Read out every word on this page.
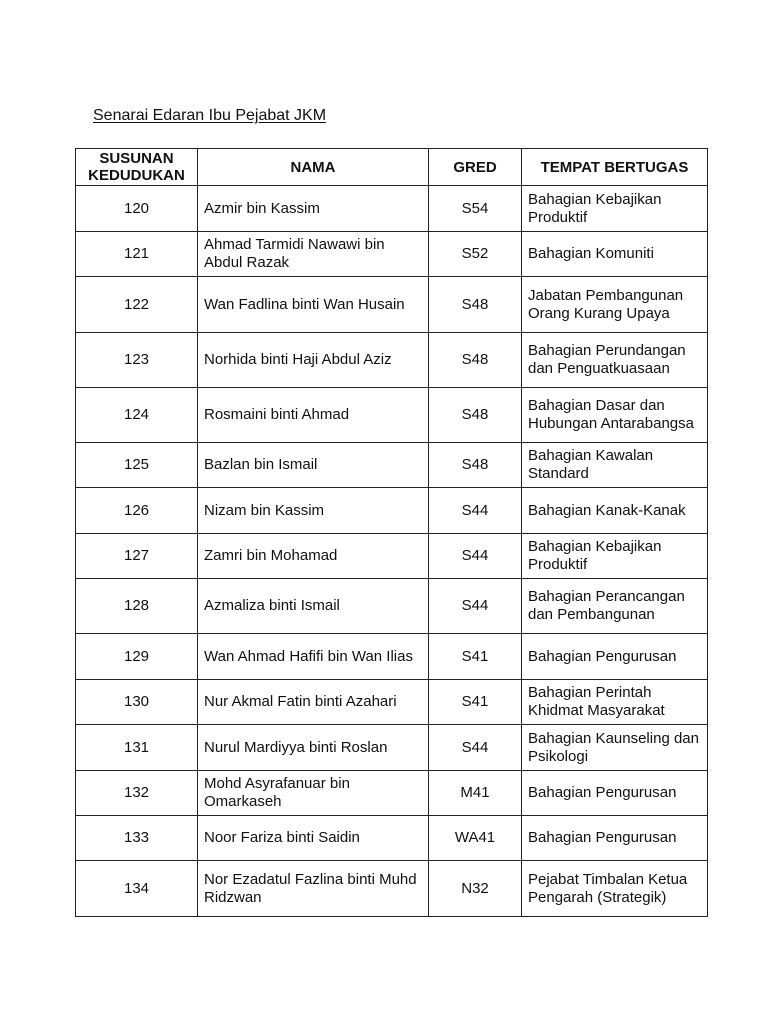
Senarai Edaran Ibu Pejabat JKM
SUSUNAN KEDUDUKAN	NAMA	GRED	TEMPAT BERTUGAS
120	Azmir bin Kassim	S54	Bahagian Kebajikan Produktif
121	Ahmad Tarmidi Nawawi bin Abdul Razak	S52	Bahagian Komuniti
122	Wan Fadlina binti Wan Husain	S48	Jabatan Pembangunan Orang Kurang Upaya
123	Norhida binti Haji Abdul Aziz	S48	Bahagian Perundangan dan Penguatkuasaan
124	Rosmaini binti Ahmad	S48	Bahagian Dasar dan Hubungan Antarabangsa
125	Bazlan bin Ismail	S48	Bahagian Kawalan Standard
126	Nizam bin Kassim	S44	Bahagian Kanak-Kanak
127	Zamri bin Mohamad	S44	Bahagian Kebajikan Produktif
128	Azmaliza binti Ismail	S44	Bahagian Perancangan dan Pembangunan
129	Wan Ahmad Hafifi bin Wan Ilias	S41	Bahagian Pengurusan
130	Nur Akmal Fatin binti Azahari	S41	Bahagian Perintah Khidmat Masyarakat
131	Nurul Mardiyya binti Roslan	S44	Bahagian Kaunseling dan Psikologi
132	Mohd Asyrafanuar bin Omarkaseh	M41	Bahagian Pengurusan
133	Noor Fariza binti Saidin	WA41	Bahagian Pengurusan
134	Nor Ezadatul Fazlina binti Muhd Ridzwan	N32	Pejabat Timbalan Ketua Pengarah (Strategik)
